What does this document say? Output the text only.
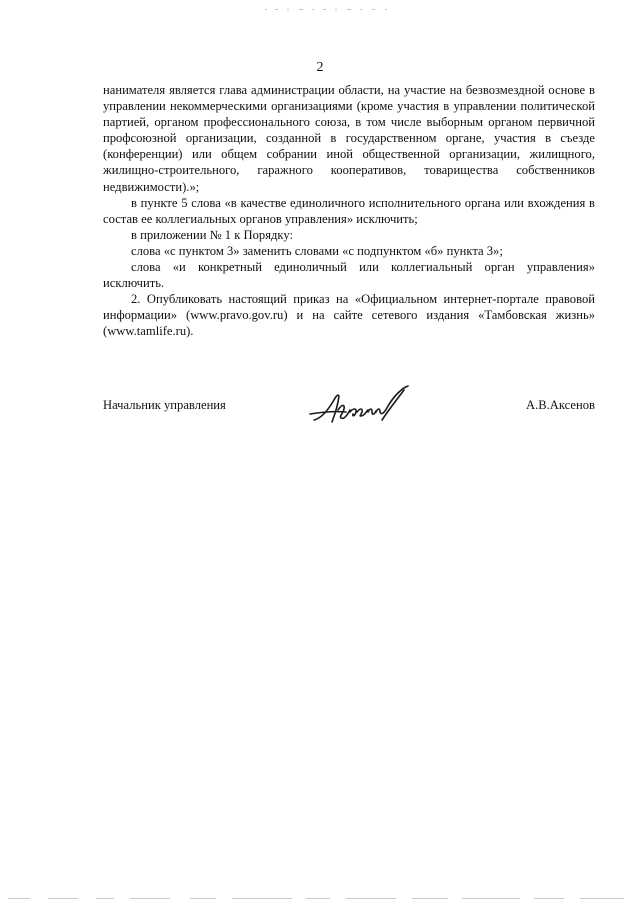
2

нанимателя является глава администрации области, на участие на безвозмездной основе в управлении некоммерческими организациями (кроме участия в управлении политической партией, органом профессионального союза, в том числе выборным органом первичной профсоюзной организации, созданной в государственном органе, участия в съезде (конференции) или общем собрании иной общественной организации, жилищного, жилищно-строительного, гаражного кооперативов, товарищества собственников недвижимости).»;

в пункте 5 слова «в качестве единоличного исполнительного органа или вхождения в состав ее коллегиальных органов управления» исключить;

в приложении № 1 к Порядку:

слова «с пунктом 3» заменить словами «с подпунктом «б» пункта 3»;

слова «и конкретный единоличный или коллегиальный орган управления» исключить.

2. Опубликовать настоящий приказ на «Официальном интернет-портале правовой информации» (www.pravo.gov.ru) и на сайте сетевого издания «Тамбовская жизнь» (www.tamlife.ru).

Начальник управления	А.В.Аксенов
